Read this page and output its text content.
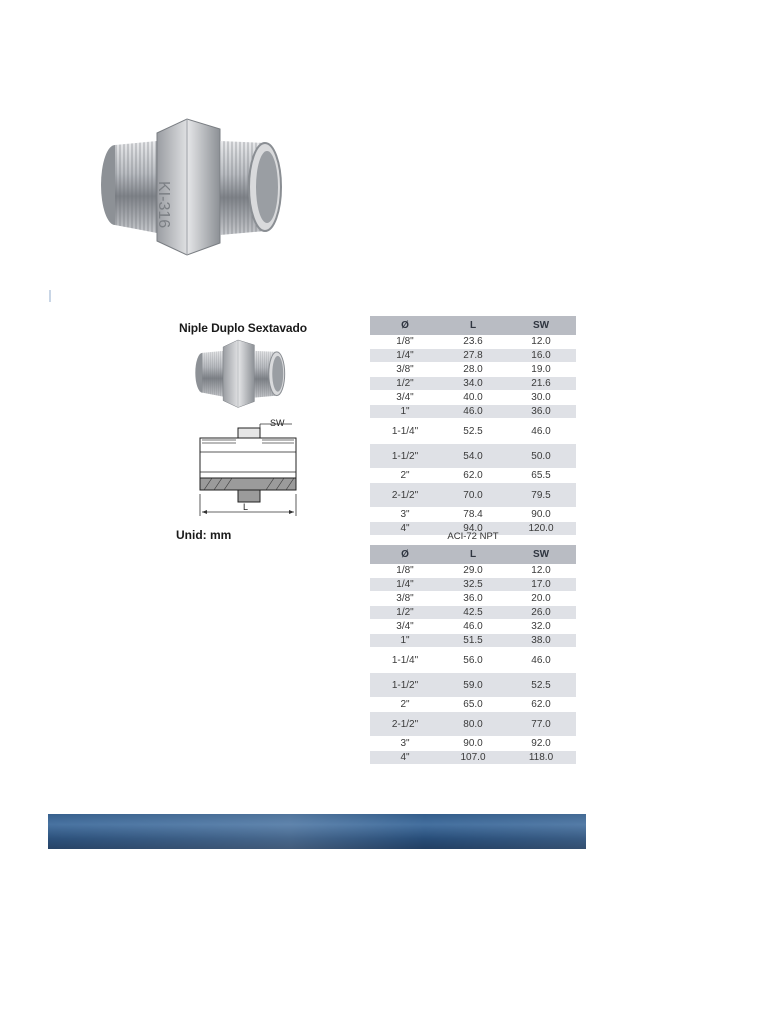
KI-316
Niple Duplo Sextavado
SW
L
Unid: mm
Ø	L	SW
1/8"	23.6	12.0
1/4"	27.8	16.0
3/8"	28.0	19.0
1/2"	34.0	21.6
3/4"	40.0	30.0
1"	46.0	36.0
1-1/4"	52.5	46.0
1-1/2"	54.0	50.0
2"	62.0	65.5
2-1/2"	70.0	79.5
3"	78.4	90.0
4"	94.0	120.0
ACI-72 NPT
Ø	L	SW
1/8"	29.0	12.0
1/4"	32.5	17.0
3/8"	36.0	20.0
1/2"	42.5	26.0
3/4"	46.0	32.0
1"	51.5	38.0
1-1/4"	56.0	46.0
1-1/2"	59.0	52.5
2"	65.0	62.0
2-1/2"	80.0	77.0
3"	90.0	92.0
4"	107.0	118.0
